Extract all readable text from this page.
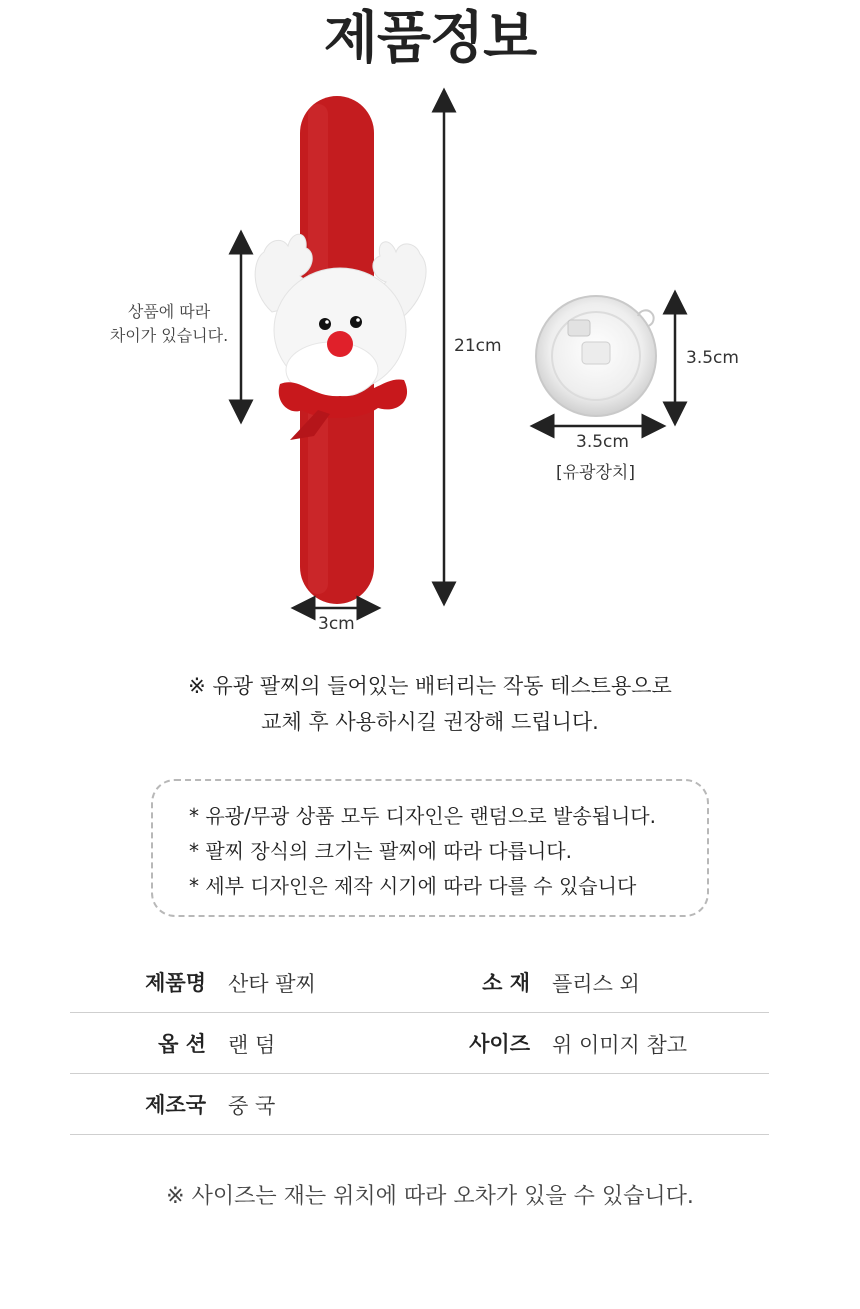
제품정보
상품에 따라
차이가 있습니다.
21cm
3cm
3.5cm
3.5cm
[유광장치]
※ 유광 팔찌의 들어있는 배터리는 작동 테스트용으로
교체 후 사용하시길 권장해 드립니다.
* 유광/무광 상품 모두 디자인은 랜덤으로 발송됩니다.
* 팔찌 장식의 크기는 팔찌에 따라 다릅니다.
* 세부 디자인은 제작 시기에 따라 다를 수 있습니다
제품명 산타 팔찌	소 재 플리스 외
옵 션 랜 덤	사이즈 위 이미지 참고
제조국 중 국
※ 사이즈는 재는 위치에 따라 오차가 있을 수 있습니다.
